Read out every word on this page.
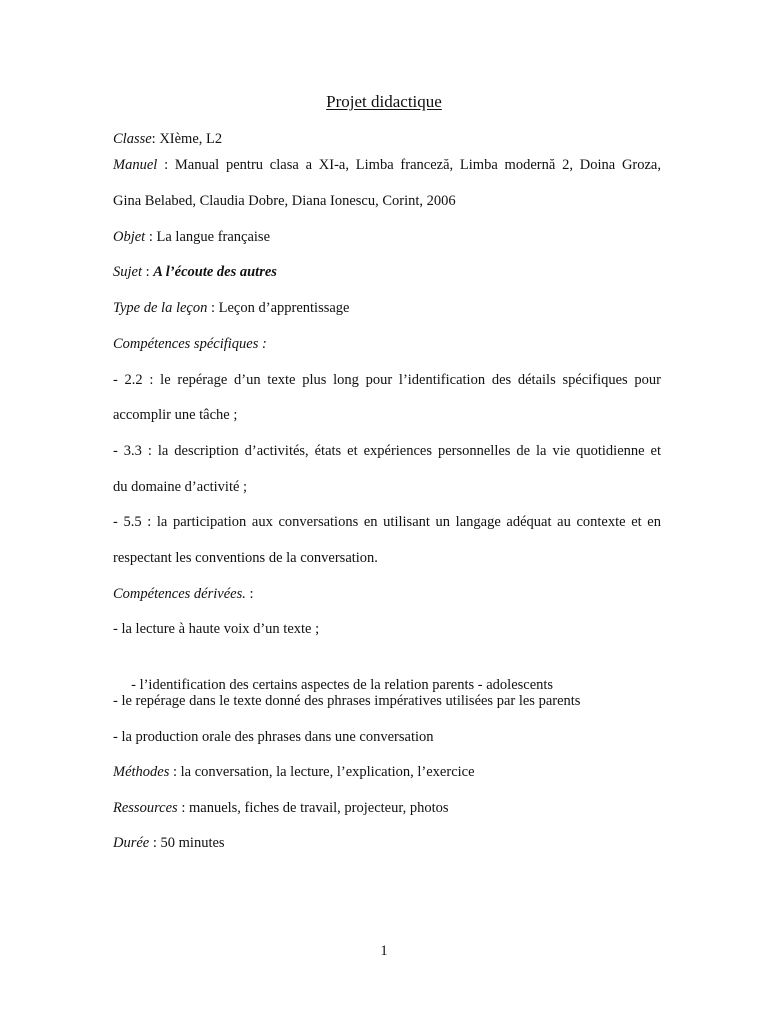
Projet didactique
Classe: XIème, L2
Manuel : Manual pentru clasa a XI-a, Limba franceză, Limba modernă 2, Doina Groza,
Gina Belabed, Claudia Dobre, Diana Ionescu, Corint, 2006
Objet : La langue française
Sujet : A l’écoute des autres
Type de la leçon : Leçon d’apprentissage
Compétences spécifiques :
- 2.2 : le repérage d’un texte plus long pour l’identification des détails spécifiques pour
accomplir une tâche ;
- 3.3 : la description d’activités, états et expériences personnelles de la vie quotidienne et
du domaine d’activité ;
- 5.5 : la participation aux conversations en utilisant un langage adéquat au contexte et en
respectant les conventions de la conversation.
Compétences dérivées. :
- la lecture à haute voix d’un texte ;

- l’identification des certains aspectes de la relation parents - adolescents

- le repérage dans le texte donné des phrases impératives utilisées par les parents
- la production orale des phrases dans une conversation
Méthodes : la conversation, la lecture, l’explication, l’exercice
Ressources : manuels, fiches de travail, projecteur, photos
Durée : 50 minutes
1
